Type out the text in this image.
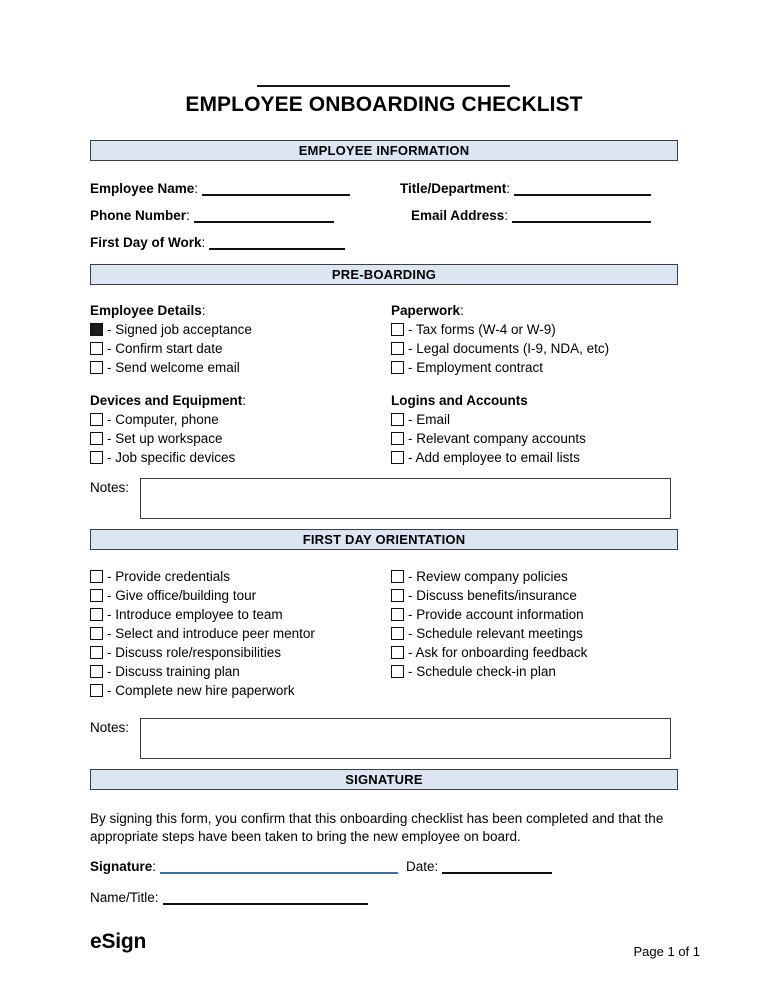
EMPLOYEE ONBOARDING CHECKLIST
EMPLOYEE INFORMATION
Employee Name:	Title/Department:
Phone Number:	Email Address:
First Day of Work:
PRE-BOARDING
Employee Details:
- Signed job acceptance
- Confirm start date
- Send welcome email
Paperwork:
- Tax forms (W-4 or W-9)
- Legal documents (I-9, NDA, etc)
- Employment contract
Devices and Equipment:
- Computer, phone
- Set up workspace
- Job specific devices
Logins and Accounts
- Email
- Relevant company accounts
- Add employee to email lists
Notes:
FIRST DAY ORIENTATION
- Provide credentials
- Give office/building tour
- Introduce employee to team
- Select and introduce peer mentor
- Discuss role/responsibilities
- Discuss training plan
- Complete new hire paperwork
- Review company policies
- Discuss benefits/insurance
- Provide account information
- Schedule relevant meetings
- Ask for onboarding feedback
- Schedule check-in plan
Notes:
SIGNATURE
By signing this form, you confirm that this onboarding checklist has been completed and that the appropriate steps have been taken to bring the new employee on board.
Signature:	Date:
Name/Title:
eSign	Page 1 of 1
